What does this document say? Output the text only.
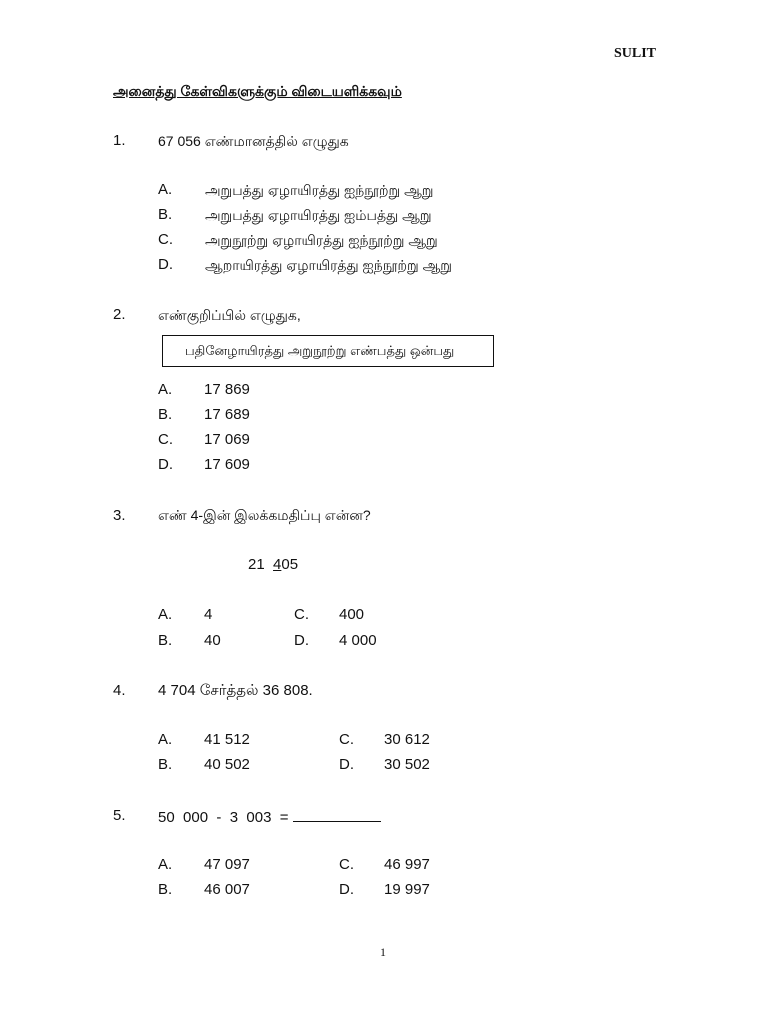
SULIT
அனைத்து கேள்விகளுக்கும் விடையளிக்கவும்
1. 67 056 எண்மானத்தில் எழுதுக
A. அறுபத்து ஏழாயிரத்து ஐந்நூற்று ஆறு
B. அறுபத்து ஏழாயிரத்து ஐம்பத்து ஆறு
C. அறுநூற்று ஏழாயிரத்து ஐந்நூற்று ஆறு
D. ஆறாயிரத்து ஏழாயிரத்து ஐந்நூற்று ஆறு
2. எண்குறிப்பில் எழுதுக,
பதினேழாயிரத்து அறுநூற்று எண்பத்து ஒன்பது
A. 17 869
B. 17 689
C. 17 069
D. 17 609
3. எண் 4-இன் இலக்கமதிப்பு என்ன?
21  405
A. 4
B. 40
C. 400
D. 4 000
4. 4 704 சேர்த்தல் 36 808.
A. 41 512
B. 40 502
C. 30 612
D. 30 502
5. 50  000  -  3  003  =
A. 47 097
B. 46 007
C. 46 997
D. 19 997
1
